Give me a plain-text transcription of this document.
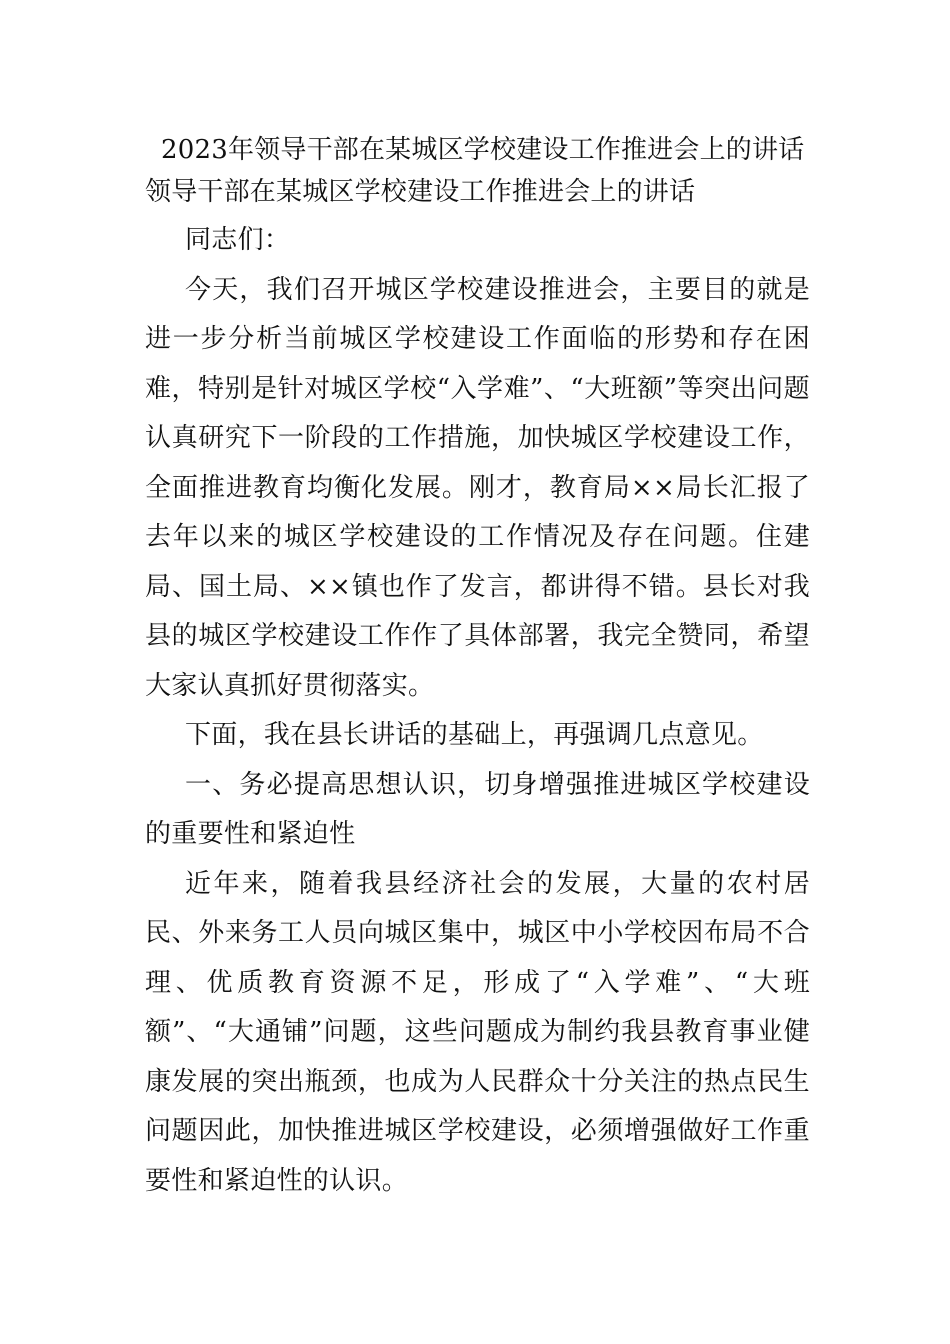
2023年领导干部在某城区学校建设工作推进会上的讲话
领导干部在某城区学校建设工作推进会上的讲话

同志们：

今天，我们召开城区学校建设推进会，主要目的就是进一步分析当前城区学校建设工作面临的形势和存在困难，特别是针对城区学校“入学难”、“大班额”等突出问题认真研究下一阶段的工作措施，加快城区学校建设工作，全面推进教育均衡化发展。刚才，教育局××局长汇报了去年以来的城区学校建设的工作情况及存在问题。住建局、国土局、××镇也作了发言，都讲得不错。县长对我县的城区学校建设工作作了具体部署，我完全赞同，希望大家认真抓好贯彻落实。

下面，我在县长讲话的基础上，再强调几点意见。

一、务必提高思想认识，切身增强推进城区学校建设的重要性和紧迫性

近年来，随着我县经济社会的发展，大量的农村居民、外来务工人员向城区集中，城区中小学校因布局不合理、优质教育资源不足，形成了“入学难”、“大班额”、“大通铺”问题，这些问题成为制约我县教育事业健康发展的突出瓶颈，也成为人民群众十分关注的热点民生问题因此，加快推进城区学校建设，必须增强做好工作重要性和紧迫性的认识。
